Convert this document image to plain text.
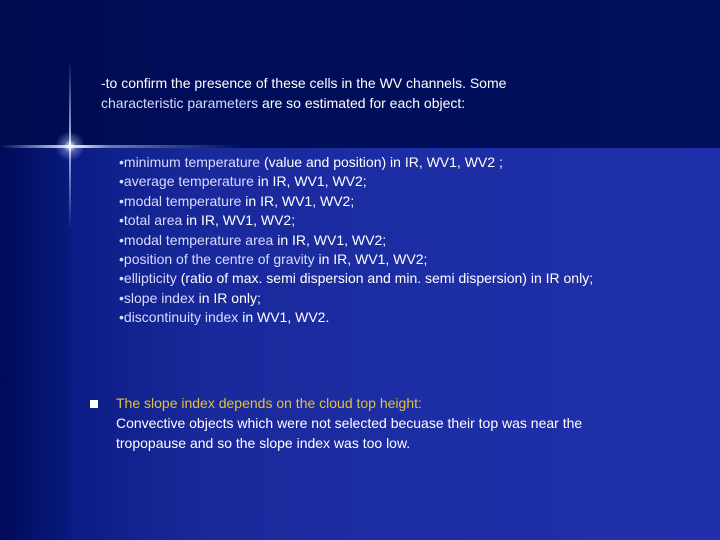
-to confirm the presence of these cells in the WV channels. Some
characteristic parameters are so estimated for each object:
•minimum temperature (value and position) in IR, WV1, WV2 ;
•average temperature in IR, WV1, WV2;
•modal temperature in IR, WV1, WV2;
•total area in IR, WV1, WV2;
•modal temperature area in IR, WV1, WV2;
•position of the centre of gravity in IR, WV1, WV2;
•ellipticity (ratio of max. semi dispersion and min. semi dispersion) in IR only;
•slope index in IR only;
•discontinuity index in WV1, WV2.
The slope index depends on the cloud top height:
Convective objects which were not selected becuase their top was near the tropopause and so the slope index was too low.
